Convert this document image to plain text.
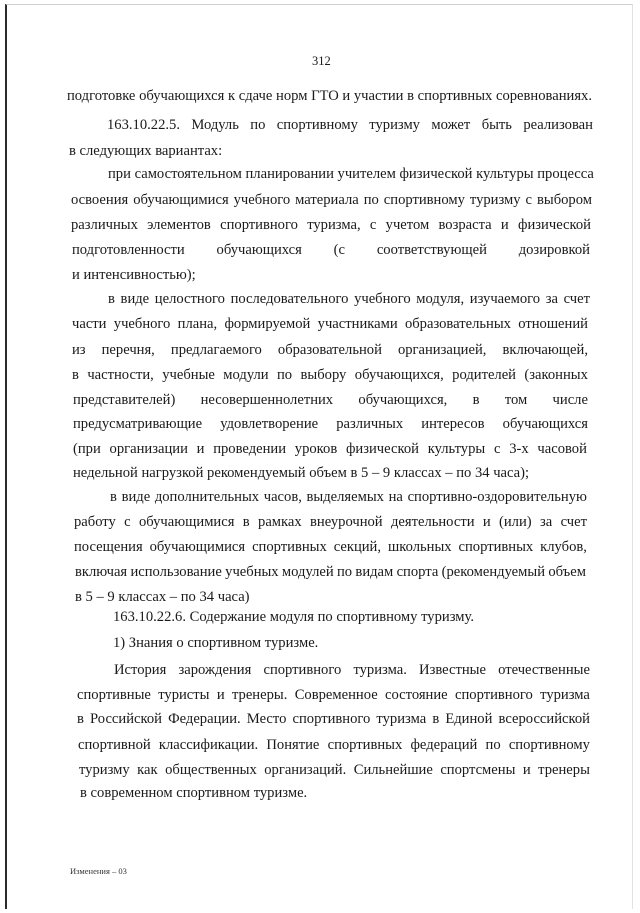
312
подготовке обучающихся к сдаче норм ГТО и участии в спортивных соревнованиях.
163.10.22.5. Модуль по спортивному туризму может быть реализован
в следующих вариантах:
при самостоятельном планировании учителем физической культуры процесса
освоения обучающимися учебного материала по спортивному туризму с выбором
различных элементов спортивного туризма, с учетом возраста и физической
подготовленности обучающихся (с соответствующей дозировкой
и интенсивностью);
в виде целостного последовательного учебного модуля, изучаемого за счет
части учебного плана, формируемой участниками образовательных отношений
из перечня, предлагаемого образовательной организацией, включающей,
в частности, учебные модули по выбору обучающихся, родителей (законных
представителей) несовершеннолетних обучающихся, в том числе
предусматривающие удовлетворение различных интересов обучающихся
(при организации и проведении уроков физической культуры с 3-х часовой
недельной нагрузкой рекомендуемый объем в 5 – 9 классах – по 34 часа);
в виде дополнительных часов, выделяемых на спортивно-оздоровительную
работу с обучающимися в рамках внеурочной деятельности и (или) за счет
посещения обучающимися спортивных секций, школьных спортивных клубов,
включая использование учебных модулей по видам спорта (рекомендуемый объем
в 5 – 9 классах – по 34 часа)
163.10.22.6. Содержание модуля по спортивному туризму.
1) Знания о спортивном туризме.
История зарождения спортивного туризма. Известные отечественные
спортивные туристы и тренеры. Современное состояние спортивного туризма
в Российской Федерации. Место спортивного туризма в Единой всероссийской
спортивной классификации. Понятие спортивных федераций по спортивному
туризму как общественных организаций. Сильнейшие спортсмены и тренеры
в современном спортивном туризме.
Изменения – 03
